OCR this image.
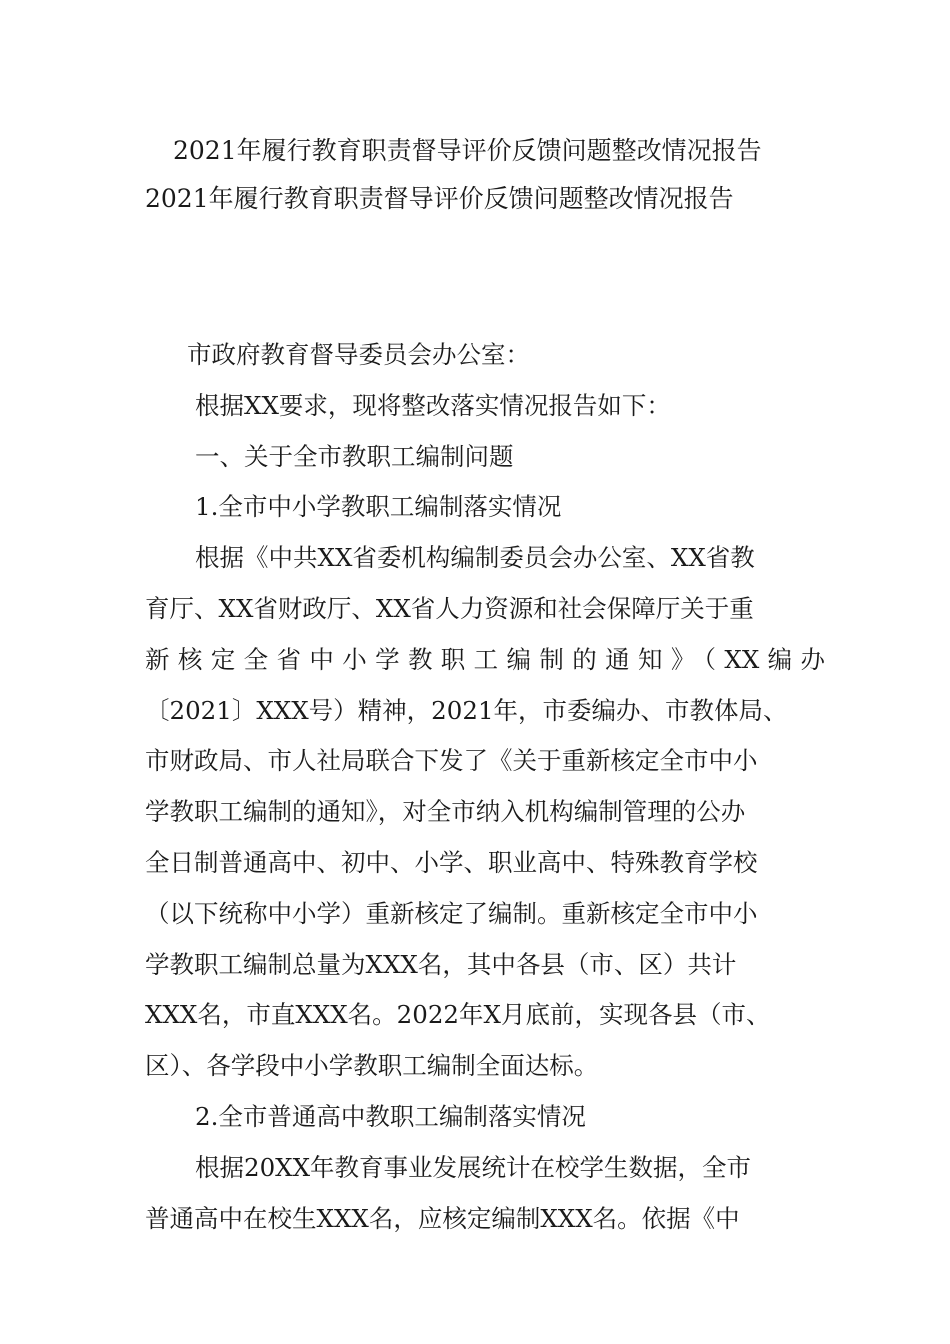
2021年履行教育职责督导评价反馈问题整改情况报告
2021年履行教育职责督导评价反馈问题整改情况报告
市政府教育督导委员会办公室：
根据XX要求，现将整改落实情况报告如下：
一、关于全市教职工编制问题
1.全市中小学教职工编制落实情况
根据《中共XX省委机构编制委员会办公室、XX省教
育厅、XX省财政厅、XX省人力资源和社会保障厅关于重
新核定全省中小学教职工编制的通知》（XX编办
〔2021〕XXX号）精神，2021年，市委编办、市教体局、
市财政局、市人社局联合下发了《关于重新核定全市中小
学教职工编制的通知》，对全市纳入机构编制管理的公办
全日制普通高中、初中、小学、职业高中、特殊教育学校
（以下统称中小学）重新核定了编制。重新核定全市中小
学教职工编制总量为XXX名，其中各县（市、区）共计
XXX名，市直XXX名。2022年X月底前，实现各县（市、
区）、各学段中小学教职工编制全面达标。
2.全市普通高中教职工编制落实情况
根据20XX年教育事业发展统计在校学生数据，全市
普通高中在校生XXX名，应核定编制XXX名。依据《中
